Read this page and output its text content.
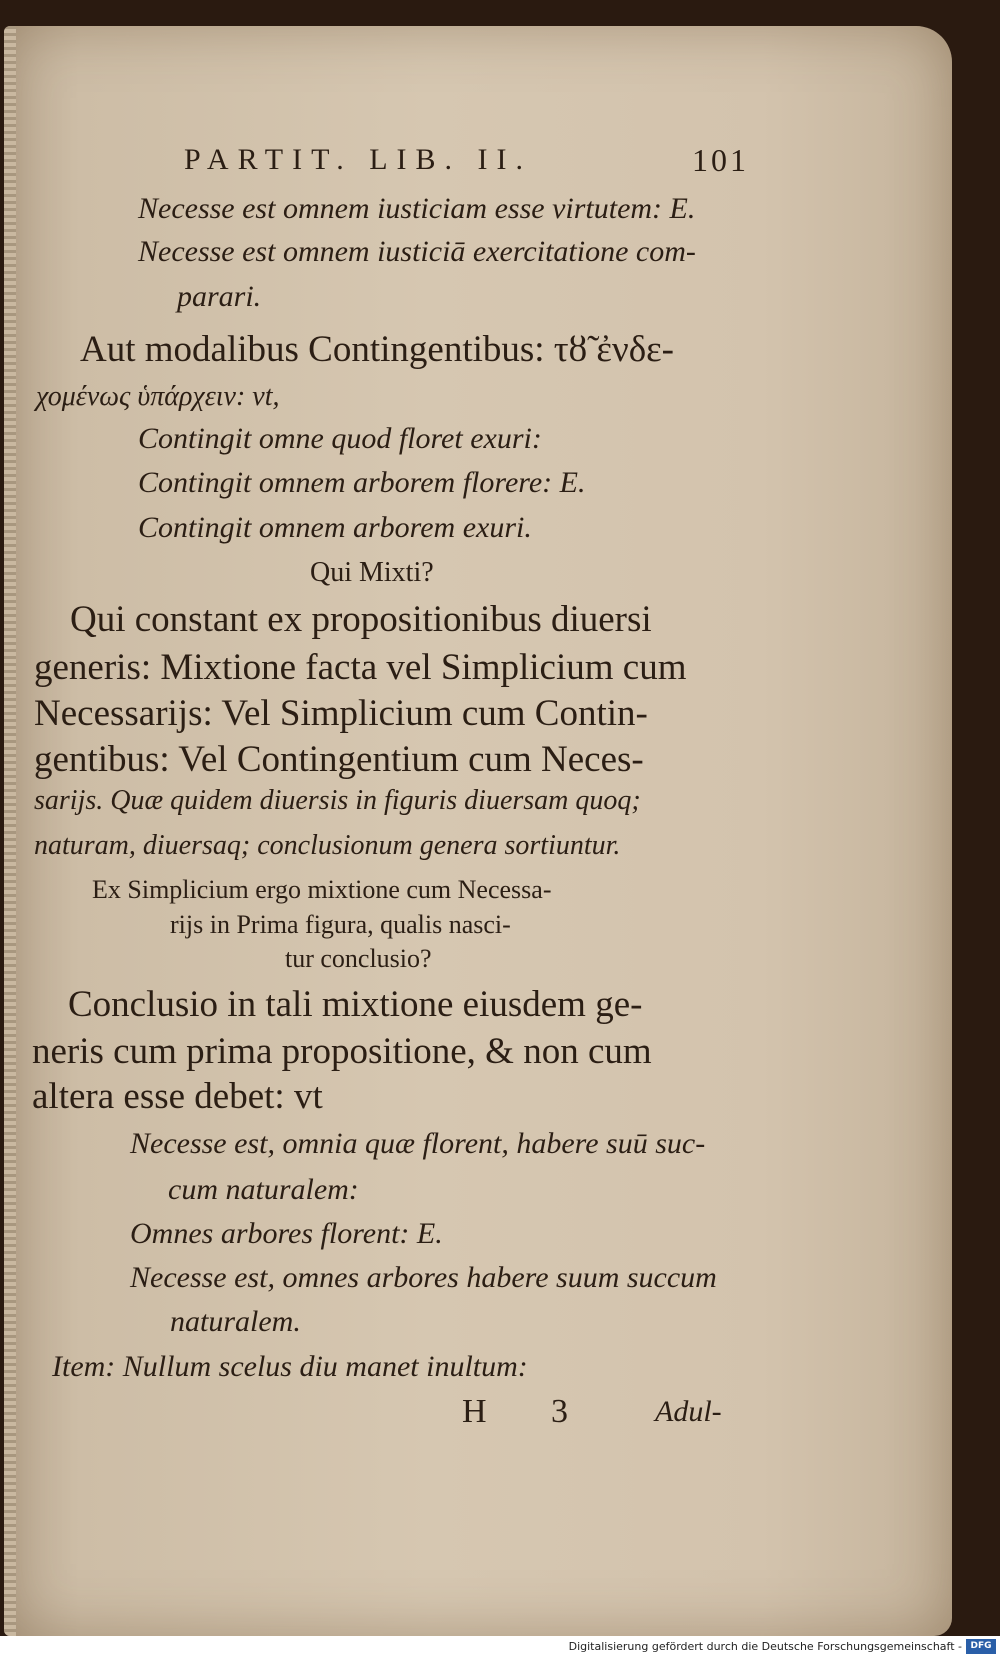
PARTIT. LIB. II.	101
Necesse est omnem iusticiam esse virtutem: E.
Necesse est omnem iusticiā exercitatione com-
parari.
Aut modalibus Contingentibus: τȣ̃ ἐνδε-
χομένως ὑπάρχειν: vt,
Contingit omne quod floret exuri:
Contingit omnem arborem florere: E.
Contingit omnem arborem exuri.
Qui Mixti?
Qui constant ex propositionibus diuersi
generis: Mixtione facta vel Simplicium cum
Necessarijs: Vel Simplicium cum Contin-
gentibus: Vel Contingentium cum Neces-
sarijs. Quæ quidem diuersis in figuris diuersam quoq;
naturam, diuersaq; conclusionum genera sortiuntur.
Ex Simplicium ergo mixtione cum Necessa-
rijs in Prima figura, qualis nasci-
tur conclusio?
Conclusio in tali mixtione eiusdem ge-
neris cum prima propositione, & non cum
altera esse debet: vt
Necesse est, omnia quæ florent, habere suū suc-
cum naturalem:
Omnes arbores florent: E.
Necesse est, omnes arbores habere suum succum
naturalem.
Item: Nullum scelus diu manet inultum:
H 3 Adul-
Digitalisierung gefördert durch die Deutsche Forschungsgemeinschaft - DFG
